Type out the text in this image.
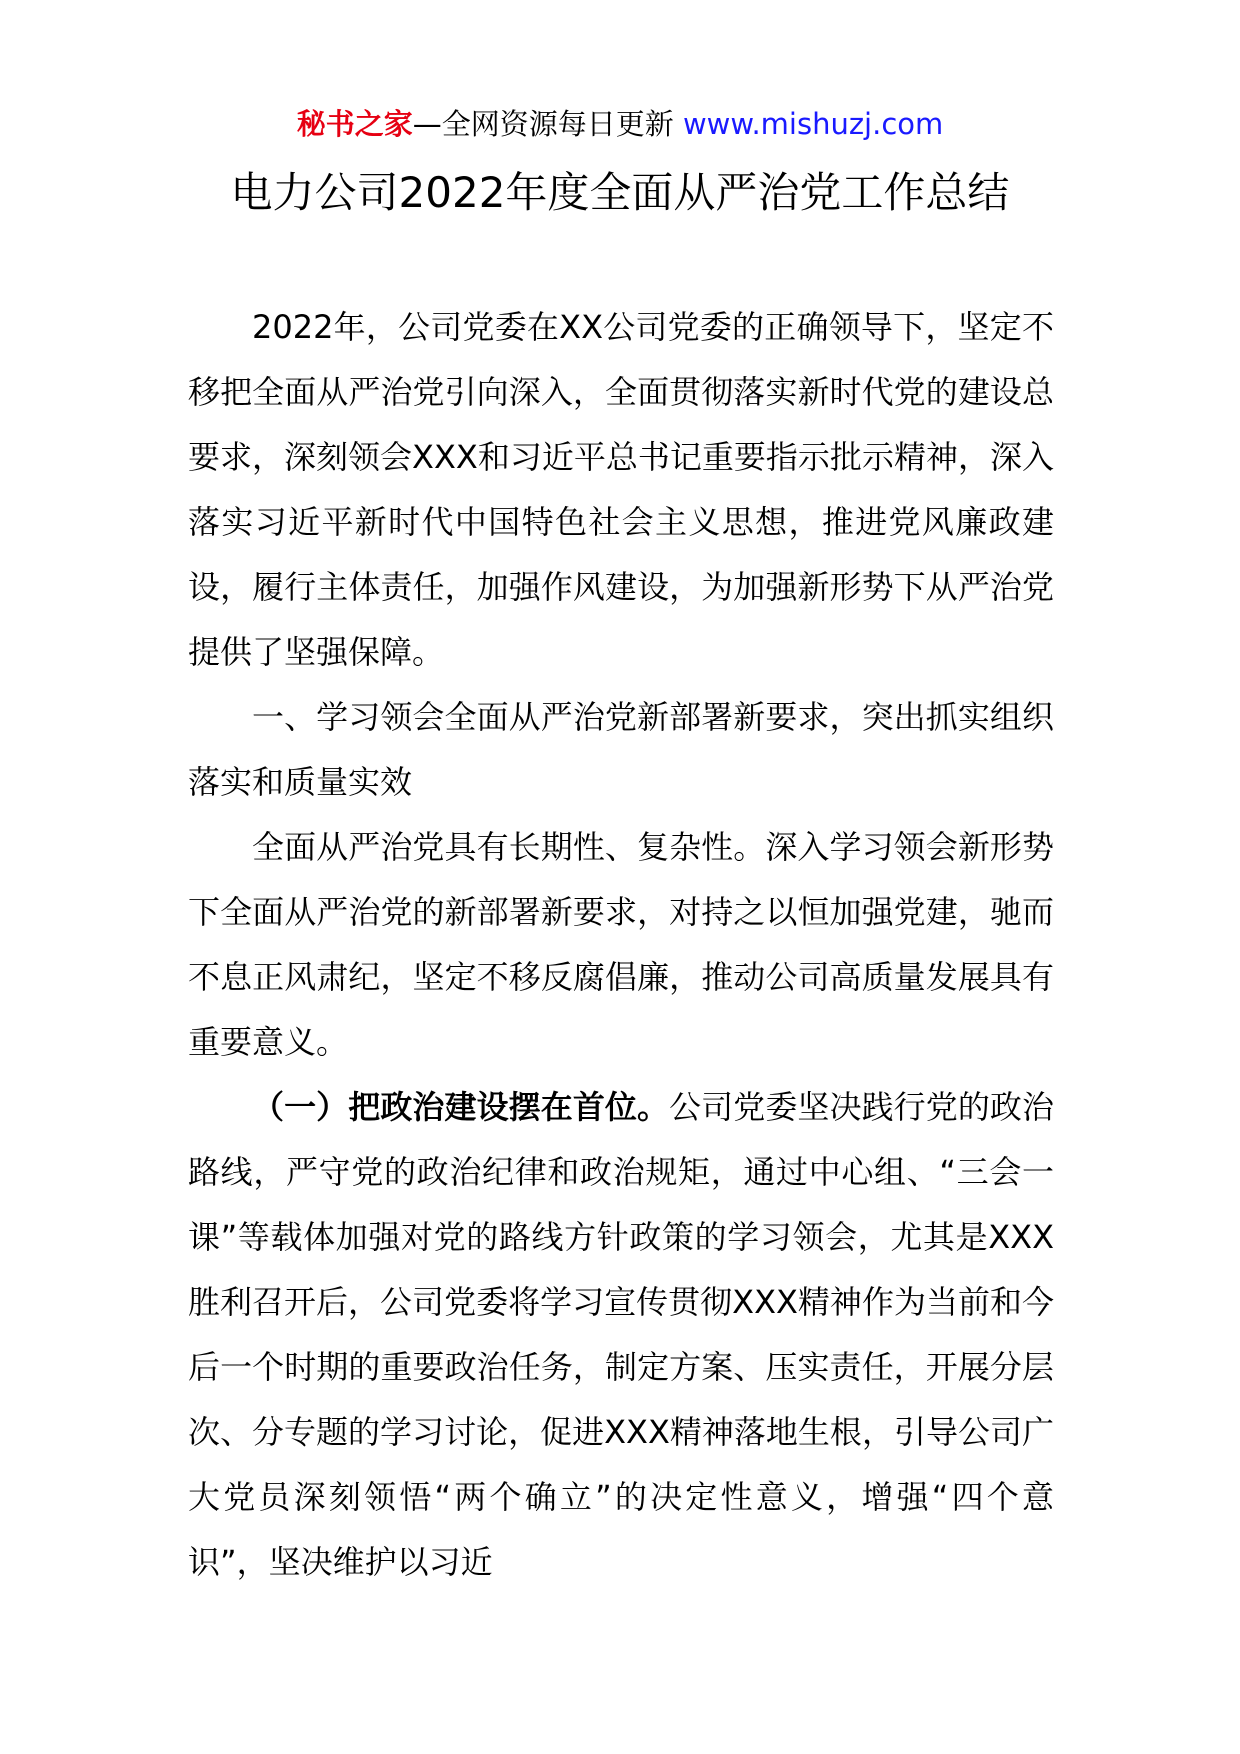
秘书之家—全网资源每日更新 www.mishuzj.com
电力公司2022年度全面从严治党工作总结

2022年，公司党委在XX公司党委的正确领导下，坚定不移把全面从严治党引向深入，全面贯彻落实新时代党的建设总要求，深刻领会XXX和习近平总书记重要指示批示精神，深入落实习近平新时代中国特色社会主义思想，推进党风廉政建设，履行主体责任，加强作风建设，为加强新形势下从严治党提供了坚强保障。

一、学习领会全面从严治党新部署新要求，突出抓实组织落实和质量实效

全面从严治党具有长期性、复杂性。深入学习领会新形势下全面从严治党的新部署新要求，对持之以恒加强党建，驰而不息正风肃纪，坚定不移反腐倡廉，推动公司高质量发展具有重要意义。

（一）把政治建设摆在首位。公司党委坚决践行党的政治路线，严守党的政治纪律和政治规矩，通过中心组、“三会一课”等载体加强对党的路线方针政策的学习领会，尤其是XXX胜利召开后，公司党委将学习宣传贯彻XXX精神作为当前和今后一个时期的重要政治任务，制定方案、压实责任，开展分层次、分专题的学习讨论，促进XXX精神落地生根，引导公司广大党员深刻领悟“两个确立”的决定性意义，增强“四个意识”，坚决维护以习近
